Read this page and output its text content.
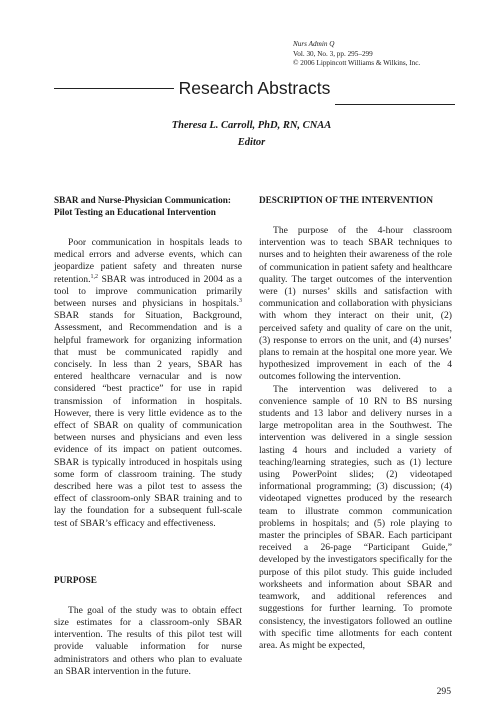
Nurs Admin Q
Vol. 30, No. 3, pp. 295–299
© 2006 Lippincott Williams & Wilkins, Inc.
Research Abstracts
Theresa L. Carroll, PhD, RN, CNAA
Editor
SBAR and Nurse-Physician Communication: Pilot Testing an Educational Intervention

Poor communication in hospitals leads to medical errors and adverse events, which can jeopardize patient safety and threaten nurse retention.$^{1,2}$ SBAR was introduced in 2004 as a tool to improve communication primarily between nurses and physicians in hospitals.$^3$ SBAR stands for Situation, Background, Assessment, and Recommendation and is a helpful framework for organizing information that must be communicated rapidly and concisely. In less than 2 years, SBAR has entered healthcare vernacular and is now considered “best practice” for use in rapid transmission of information in hospitals. However, there is very little evidence as to the effect of SBAR on quality of communication between nurses and physicians and even less evidence of its impact on patient outcomes. SBAR is typically introduced in hospitals using some form of classroom training. The study described here was a pilot test to assess the effect of classroom-only SBAR training and to lay the foundation for a subsequent full-scale test of SBAR’s efficacy and effectiveness.

PURPOSE

The goal of the study was to obtain effect size estimates for a classroom-only SBAR intervention. The results of this pilot test will provide valuable information for nurse administrators and others who plan to evaluate an SBAR intervention in the future.

DESCRIPTION OF THE INTERVENTION

The purpose of the 4-hour classroom intervention was to teach SBAR techniques to nurses and to heighten their awareness of the role of communication in patient safety and healthcare quality. The target outcomes of the intervention were (1) nurses’ skills and satisfaction with communication and collaboration with physicians with whom they interact on their unit, (2) perceived safety and quality of care on the unit, (3) response to errors on the unit, and (4) nurses’ plans to remain at the hospital one more year. We hypothesized improvement in each of the 4 outcomes following the intervention.

The intervention was delivered to a convenience sample of 10 RN to BS nursing students and 13 labor and delivery nurses in a large metropolitan area in the Southwest. The intervention was delivered in a single session lasting 4 hours and included a variety of teaching/learning strategies, such as (1) lecture using PowerPoint slides; (2) videotaped informational programming; (3) discussion; (4) videotaped vignettes produced by the research team to illustrate common communication problems in hospitals; and (5) role playing to master the principles of SBAR. Each participant received a 26-page “Participant Guide,” developed by the investigators specifically for the purpose of this pilot study. This guide included worksheets and information about SBAR and teamwork, and additional references and suggestions for further learning. To promote consistency, the investigators followed an outline with specific time allotments for each content area. As might be expected,

295
